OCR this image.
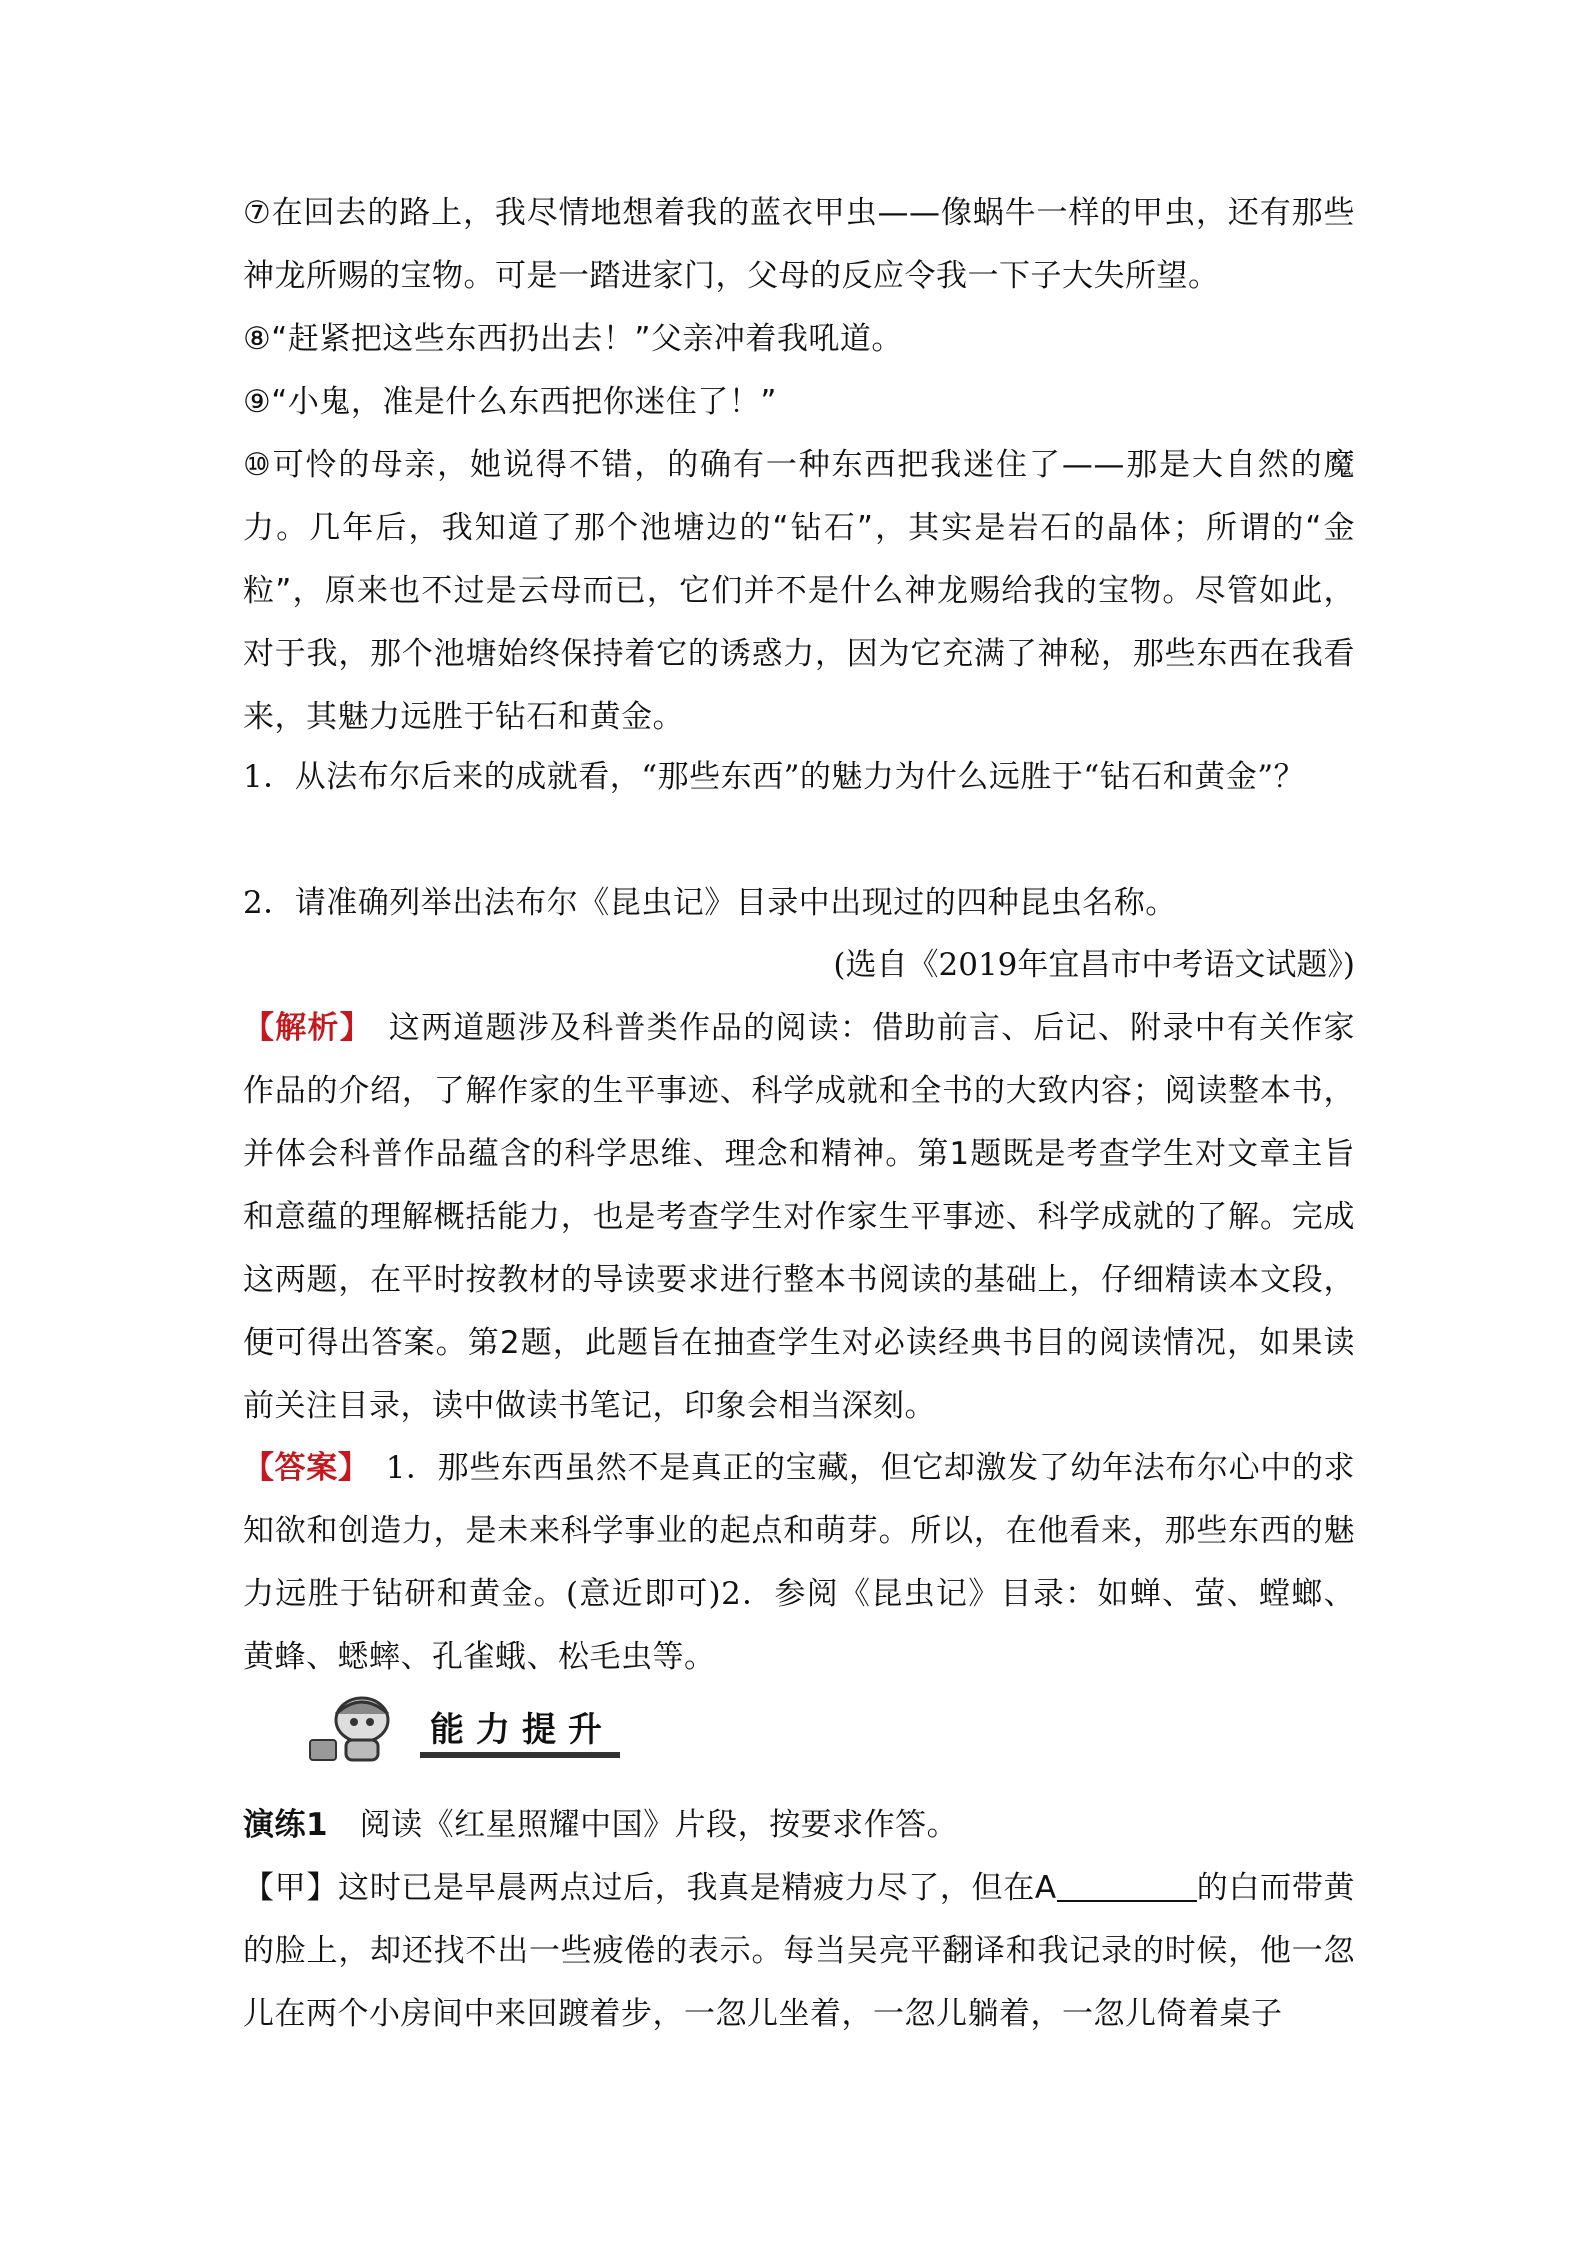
⑦在回去的路上，我尽情地想着我的蓝衣甲虫——像蜗牛一样的甲虫，还有那些神龙所赐的宝物。可是一踏进家门，父母的反应令我一下子大失所望。

⑧“赶紧把这些东西扔出去！”父亲冲着我吼道。

⑨“小鬼，准是什么东西把你迷住了！”

⑩可怜的母亲，她说得不错，的确有一种东西把我迷住了——那是大自然的魔力。几年后，我知道了那个池塘边的“钻石”，其实是岩石的晶体；所谓的“金粒”，原来也不过是云母而已，它们并不是什么神龙赐给我的宝物。尽管如此，对于我，那个池塘始终保持着它的诱惑力，因为它充满了神秘，那些东西在我看来，其魅力远胜于钻石和黄金。

1．从法布尔后来的成就看，“那些东西”的魅力为什么远胜于“钻石和黄金”？

2．请准确列举出法布尔《昆虫记》目录中出现过的四种昆虫名称。

(选自《2019年宜昌市中考语文试题》)

【解析】　 这两道题涉及科普类作品的阅读：借助前言、后记、附录中有关作家作品的介绍，了解作家的生平事迹、科学成就和全书的大致内容；阅读整本书，并体会科普作品蕴含的科学思维、理念和精神。第1题既是考查学生对文章主旨和意蕴的理解概括能力，也是考查学生对作家生平事迹、科学成就的了解。完成这两题，在平时按教材的导读要求进行整本书阅读的基础上，仔细精读本文段，便可得出答案。第2题，此题旨在抽查学生对必读经典书目的阅读情况，如果读前关注目录，读中做读书笔记，印象会相当深刻。

【答案】　 1．那些东西虽然不是真正的宝藏，但它却激发了幼年法布尔心中的求知欲和创造力，是未来科学事业的起点和萌芽。所以，在他看来，那些东西的魅力远胜于钻研和黄金。(意近即可)2．参阅《昆虫记》目录：如蝉、萤、螳螂、黄蜂、蟋蟀、孔雀蛾、松毛虫等。

能力提升

演练1　 阅读《红星照耀中国》片段，按要求作答。

【甲】这时已是早晨两点过后，我真是精疲力尽了，但在A	的白而带黄的脸上，却还找不出一些疲倦的表示。每当吴亮平翻译和我记录的时候，他一忽儿在两个小房间中来回踱着步，一忽儿坐着，一忽儿躺着，一忽儿倚着桌子
